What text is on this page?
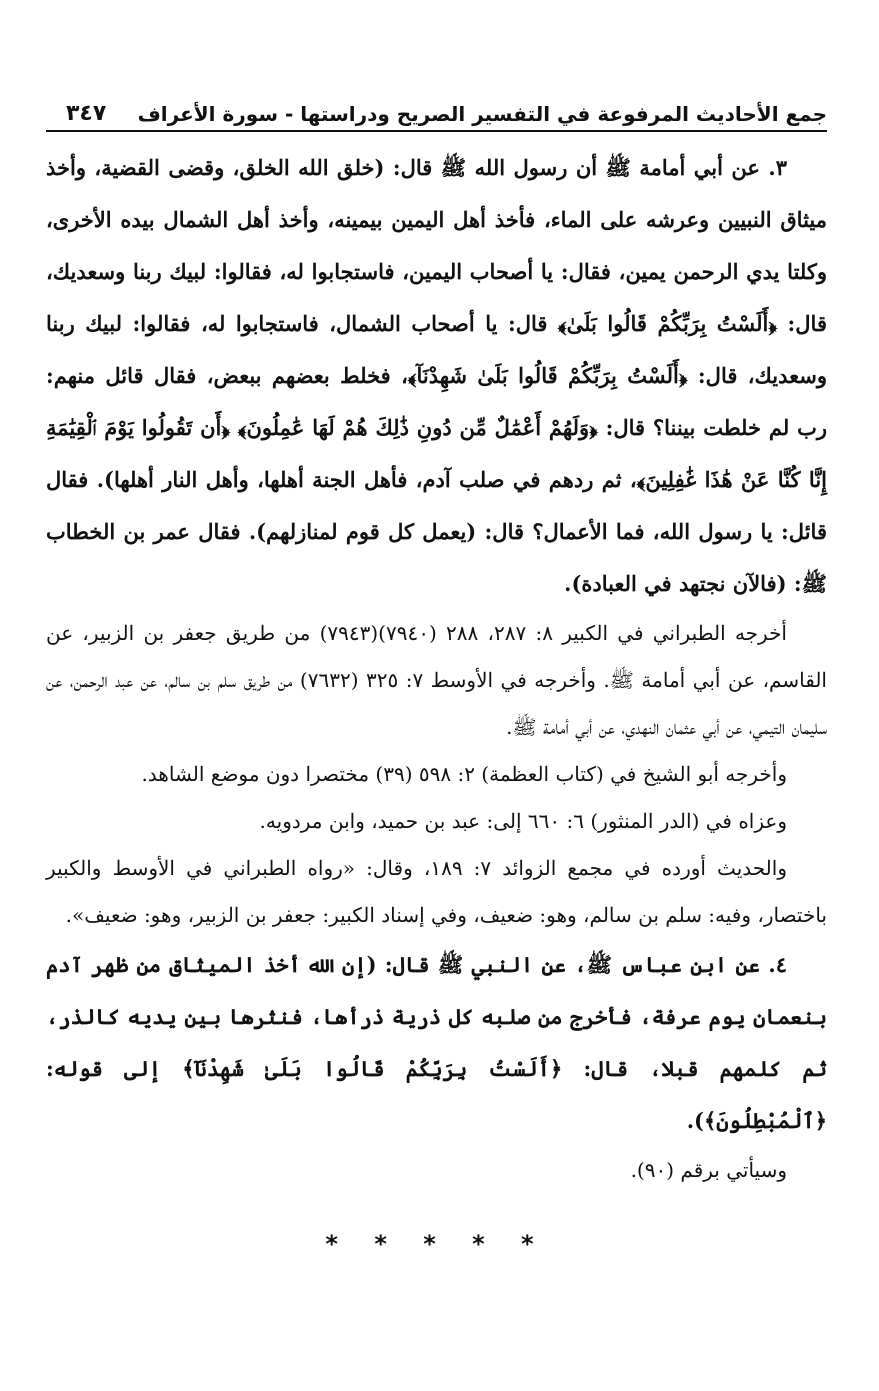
جمع الأحاديث المرفوعة في التفسير الصريح ودراستها - سورة الأعراف
٣٤٧

٣. عن أبي أمامة ﷺ أن رسول الله ﷺ قال: (خلق الله الخلق، وقضى القضية، وأخذ ميثاق النبيين وعرشه على الماء، فأخذ أهل اليمين بيمينه، وأخذ أهل الشمال بيده الأخرى، وكلتا يدي الرحمن يمين، فقال: يا أصحاب اليمين، فاستجابوا له، فقالوا: لبيك ربنا وسعديك، قال: ﴿أَلَسْتُ بِرَبِّكُمْ قَالُوا بَلَىٰ﴾ قال: يا أصحاب الشمال، فاستجابوا له، فقالوا: لبيك ربنا وسعديك، قال: ﴿أَلَسْتُ بِرَبِّكُمْ قَالُوا بَلَىٰ شَهِدْنَآ﴾، فخلط بعضهم ببعض، فقال قائل منهم: رب لم خلطت بيننا؟ قال: ﴿وَلَهُمْ أَعْمَٰلٌ مِّن دُونِ ذَٰلِكَ هُمْ لَهَا عَٰمِلُونَ﴾ ﴿أَن تَقُولُوا يَوْمَ ٱلْقِيَٰمَةِ إِنَّا كُنَّا عَنْ هَٰذَا غَٰفِلِينَ﴾، ثم ردهم في صلب آدم، فأهل الجنة أهلها، وأهل النار أهلها). فقال قائل: يا رسول الله، فما الأعمال؟ قال: (يعمل كل قوم لمنازلهم). فقال عمر بن الخطاب ﷺ: (فالآن نجتهد في العبادة).

أخرجه الطبراني في الكبير ٨: ٢٨٧، ٢٨٨ (٧٩٤٠)(٧٩٤٣) من طريق جعفر بن الزبير، عن القاسم، عن أبي أمامة ﷺ. وأخرجه في الأوسط ٧: ٣٢٥ (٧٦٣٢) من طريق سلم بن سالم، عن عبد الرحمن، عن سليمان التيمي، عن أبي عثمان النهدي، عن أبي أمامة ﷺ.

وأخرجه أبو الشيخ في (كتاب العظمة) ٢: ٥٩٨ (٣٩) مختصرا دون موضع الشاهد.

وعزاه في (الدر المنثور) ٦: ٦٦٠ إلى: عبد بن حميد، وابن مردويه.

والحديث أورده في مجمع الزوائد ٧: ١٨٩، وقال: «رواه الطبراني في الأوسط والكبير باختصار، وفيه: سلم بن سالم، وهو: ضعيف، وفي إسناد الكبير: جعفر بن الزبير، وهو: ضعيف».

٤. عن ابن عباس ﷺ، عن النبي ﷺ قال: (إن الله أخذ الميثاق من ظهر آدم بنعمان يوم عرفة، فأخرج من صلبه كل ذرية ذرأها، فنثرها بين يديه كالذر، ثم كلمهم قبلا، قال: ﴿أَلَسْتُ بِرَبِّكُمْ قَالُوا بَلَىٰ شَهِدْنَآ﴾ إلى قوله: ﴿ٱلْمُبْطِلُونَ﴾).

وسيأتي برقم (٩٠).

* * * * *
